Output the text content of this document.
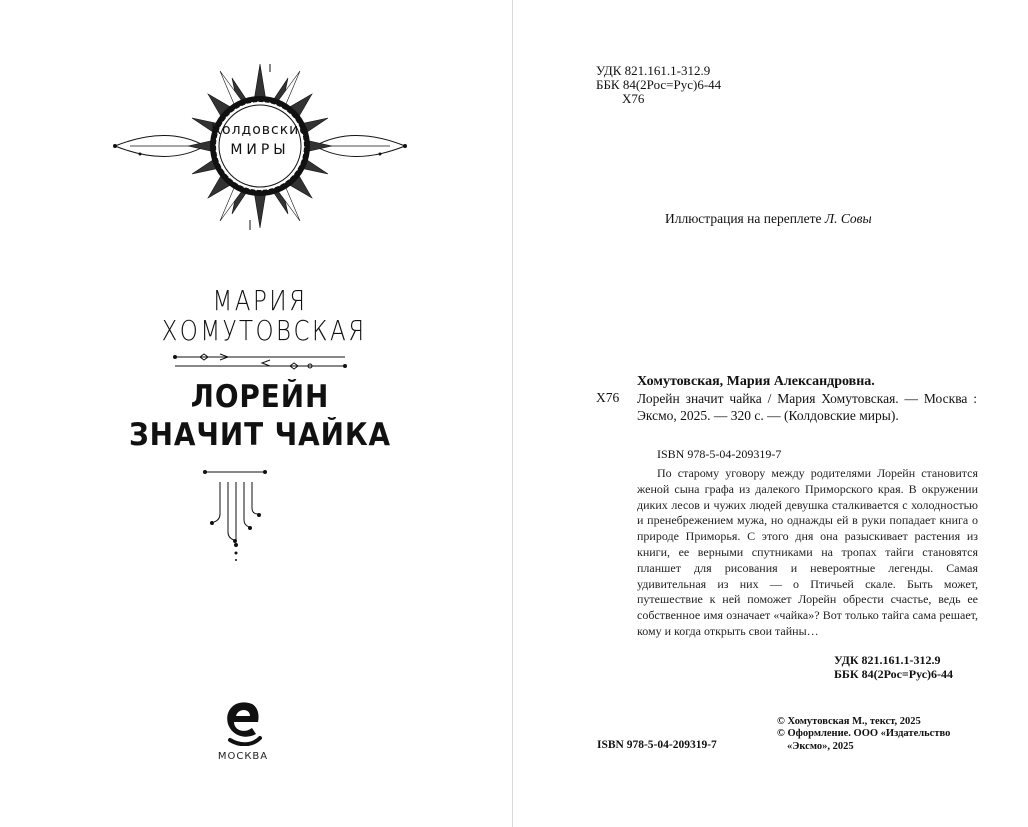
Колдовские
МИРЫ
МАРИЯ
ХОМУТОВСКАЯ
ЛОРЕЙН
ЗНАЧИТ ЧАЙКА
МОСКВА
УДК 821.161.1-312.9
ББК 84(2Рос=Рус)6-44
Х76
Иллюстрация на переплете Л. Совы
Хомутовская, Мария Александровна.
Х76 Лорейн значит чайка / Мария Хомутовская. — Москва : Эксмо, 2025. — 320 с. — (Колдовские миры).
ISBN 978-5-04-209319-7
По старому уговору между родителями Лорейн становится женой сына графа из далекого Приморского края. В окружении диких лесов и чужих людей девушка сталкивается с холодностью и пренебрежением мужа, но однажды ей в руки попадает книга о природе Приморья. С этого дня она разыскивает растения из книги, ее верными спутниками на тропах тайги становятся планшет для рисования и невероятные легенды. Самая удивительная из них — о Птичьей скале. Быть может, путешествие к ней поможет Лорейн обрести счастье, ведь ее собственное имя означает «чайка»? Вот только тайга сама решает, кому и когда открыть свои тайны…
УДК 821.161.1-312.9
ББК 84(2Рос=Рус)6-44
© Хомутовская М., текст, 2025
© Оформление. ООО «Издательство
«Эксмо», 2025
ISBN 978-5-04-209319-7
